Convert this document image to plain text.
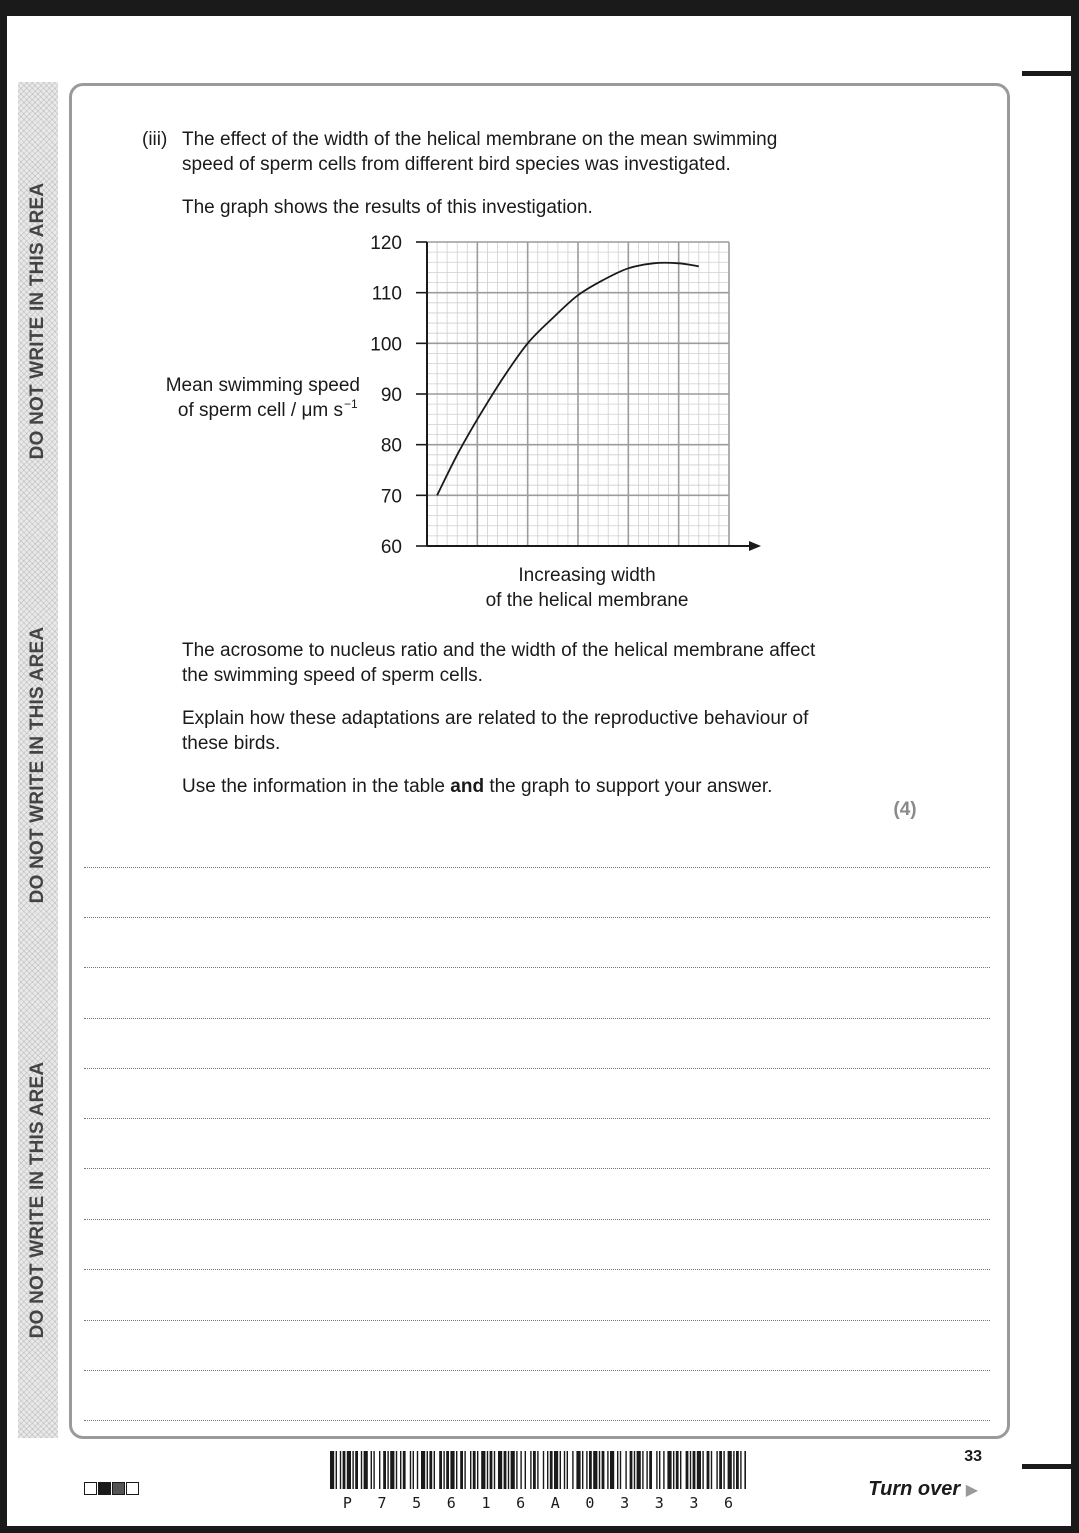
DO NOT WRITE IN THIS AREA
DO NOT WRITE IN THIS AREA
DO NOT WRITE IN THIS AREA
(iii) The effect of the width of the helical membrane on the mean swimming
speed of sperm cells from different bird species was investigated.
The graph shows the results of this investigation.
60
70
80
90
100
110
120
Mean swimming speed
of sperm cell / μm s −1
Increasing width
of the helical membrane
The acrosome to nucleus ratio and the width of the helical membrane affect
the swimming speed of sperm cells.
Explain how these adaptations are related to the reproductive behaviour of
these birds.
Use the information in the table and the graph to support your answer.
(4)
P 7 5 6 1 6 A 0 3 3 3 6
33
Turn over ▶
